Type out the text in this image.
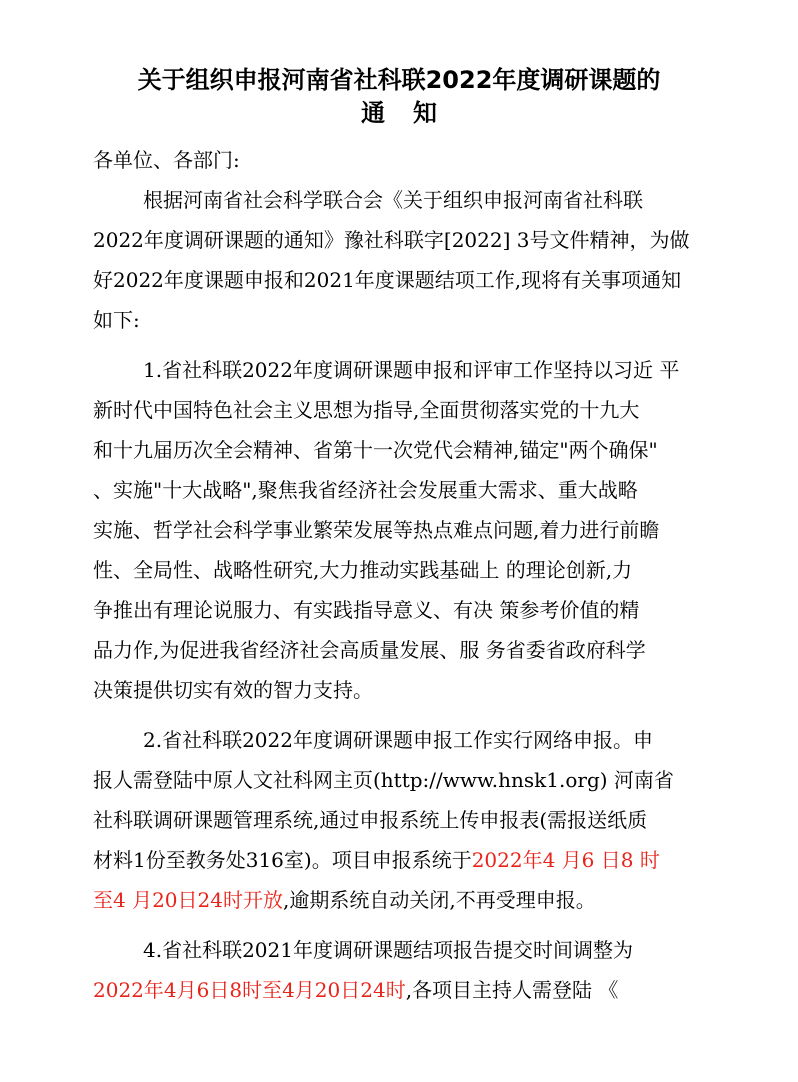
关于组织申报河南省社科联2022年度调研课题的
通知
各单位、各部门:
根据河南省社会科学联合会《关于组织申报河南省社科联
2022年度调研课题的通知》豫社科联字[2022] 3号文件精神，为做
好2022年度课题申报和2021年度课题结项工作,现将有关事项通知
如下:
1.省社科联2022年度调研课题申报和评审工作坚持以习近 平
新时代中国特色社会主义思想为指导,全面贯彻落实党的十九大
和十九届历次全会精神、省第十一次党代会精神,锚定"两个确保"
、实施"十大战略",聚焦我省经济社会发展重大需求、重大战略
实施、哲学社会科学事业繁荣发展等热点难点问题,着力进行前瞻
性、全局性、战略性研究,大力推动实践基础上 的理论创新,力
争推出有理论说服力、有实践指导意义、有决 策参考价值的精
品力作,为促进我省经济社会高质量发展、服 务省委省政府科学
决策提供切实有效的智力支持。
2.省社科联2022年度调研课题申报工作实行网络申报。申
报人需登陆中原人文社科网主页(http://www.hnsk1.org) 河南省
社科联调研课题管理系统,通过申报系统上传申报表(需报送纸质
材料1份至教务处316室)。项目申报系统于2022年4 月6 日8 时
至4 月20日24时开放,逾期系统自动关闭,不再受理申报。
4.省社科联2021年度调研课题结项报告提交时间调整为
2022年4月6日8时至4月20日24时,各项目主持人需登陆 《
